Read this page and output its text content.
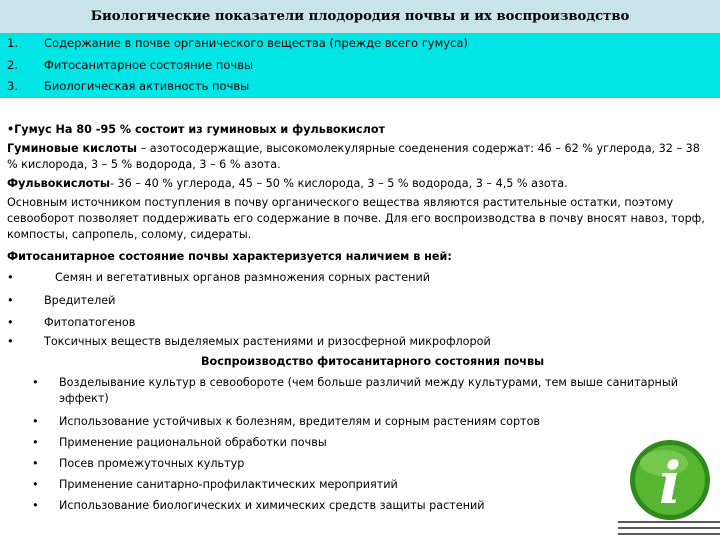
Биологические показатели плодородия почвы и их воспроизводство
1. Содержание в почве органического вещества (прежде всего гумуса)
2. Фитосанитарное состояние почвы
3. Биологическая активность почвы

•Гумус На 80 -95 % состоит из гуминовых и фульвокислот

Гуминовые кислоты – азотосодержащие, высокомолекулярные соеденения содержат: 46 – 62 % углерода, 32 – 38 % кислорода, 3 – 5 % водорода, 3 – 6 % азота.

Фульвокислоты- 36 – 40 % углерода, 45 – 50 % кислорода, 3 – 5 % водорода, 3 – 4,5 % азота.

Основным источником поступления в почву органического вещества являются растительные остатки, поэтому севооборот позволяет поддерживать его содержание в почве. Для его воспроизводства в почву вносят навоз, торф, компосты, сапропель, солому, сидераты.

Фитосанитарное состояние почвы характеризуется наличием в ней:
•	Семян и вегетативных органов размножения сорных растений
•	Вредителей
•	Фитопатогенов
•	Токсичных веществ выделяемых растениями и ризосферной микрофлорой
Воспроизводство фитосанитарного состояния почвы
• Возделывание культур в севообороте (чем больше различий между культурами, тем выше санитарный
эффект)
• Использование устойчивых к болезням, вредителям и сорным растениям сортов
• Применение рациональной обработки почвы
• Посев промежуточных культур
• Применение санитарно-профилактических мероприятий
• Использование биологических и химических средств защиты растений	i
